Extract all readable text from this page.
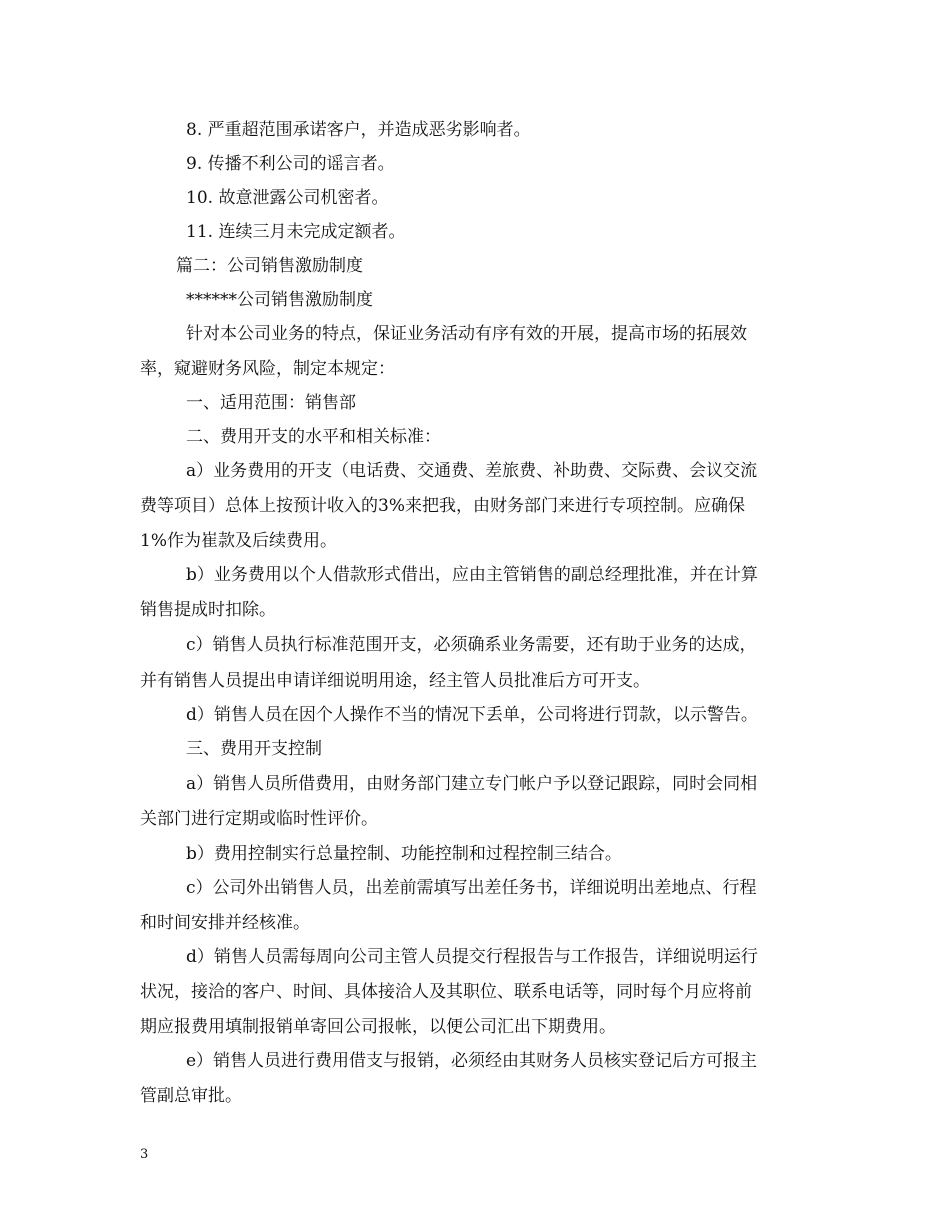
8. 严重超范围承诺客户，并造成恶劣影响者。
9. 传播不利公司的谣言者。
10. 故意泄露公司机密者。
11. 连续三月未完成定额者。
篇二：公司销售激励制度
******公司销售激励制度
针对本公司业务的特点，保证业务活动有序有效的开展，提高市场的拓展效
率，窥避财务风险，制定本规定：
一、适用范围：销售部
二、费用开支的水平和相关标准：
a）业务费用的开支（电话费、交通费、差旅费、补助费、交际费、会议交流
费等项目）总体上按预计收入的3%来把我，由财务部门来进行专项控制。应确保
1%作为崔款及后续费用。
b）业务费用以个人借款形式借出，应由主管销售的副总经理批准，并在计算
销售提成时扣除。
c）销售人员执行标准范围开支，必须确系业务需要，还有助于业务的达成，
并有销售人员提出申请详细说明用途，经主管人员批准后方可开支。
d）销售人员在因个人操作不当的情况下丢单，公司将进行罚款，以示警告。
三、费用开支控制
a）销售人员所借费用，由财务部门建立专门帐户予以登记跟踪，同时会同相
关部门进行定期或临时性评价。
b）费用控制实行总量控制、功能控制和过程控制三结合。
c）公司外出销售人员，出差前需填写出差任务书，详细说明出差地点、行程
和时间安排并经核准。
d）销售人员需每周向公司主管人员提交行程报告与工作报告，详细说明运行
状况，接洽的客户、时间、具体接洽人及其职位、联系电话等，同时每个月应将前
期应报费用填制报销单寄回公司报帐，以便公司汇出下期费用。
e）销售人员进行费用借支与报销，必须经由其财务人员核实登记后方可报主
管副总审批。
3
